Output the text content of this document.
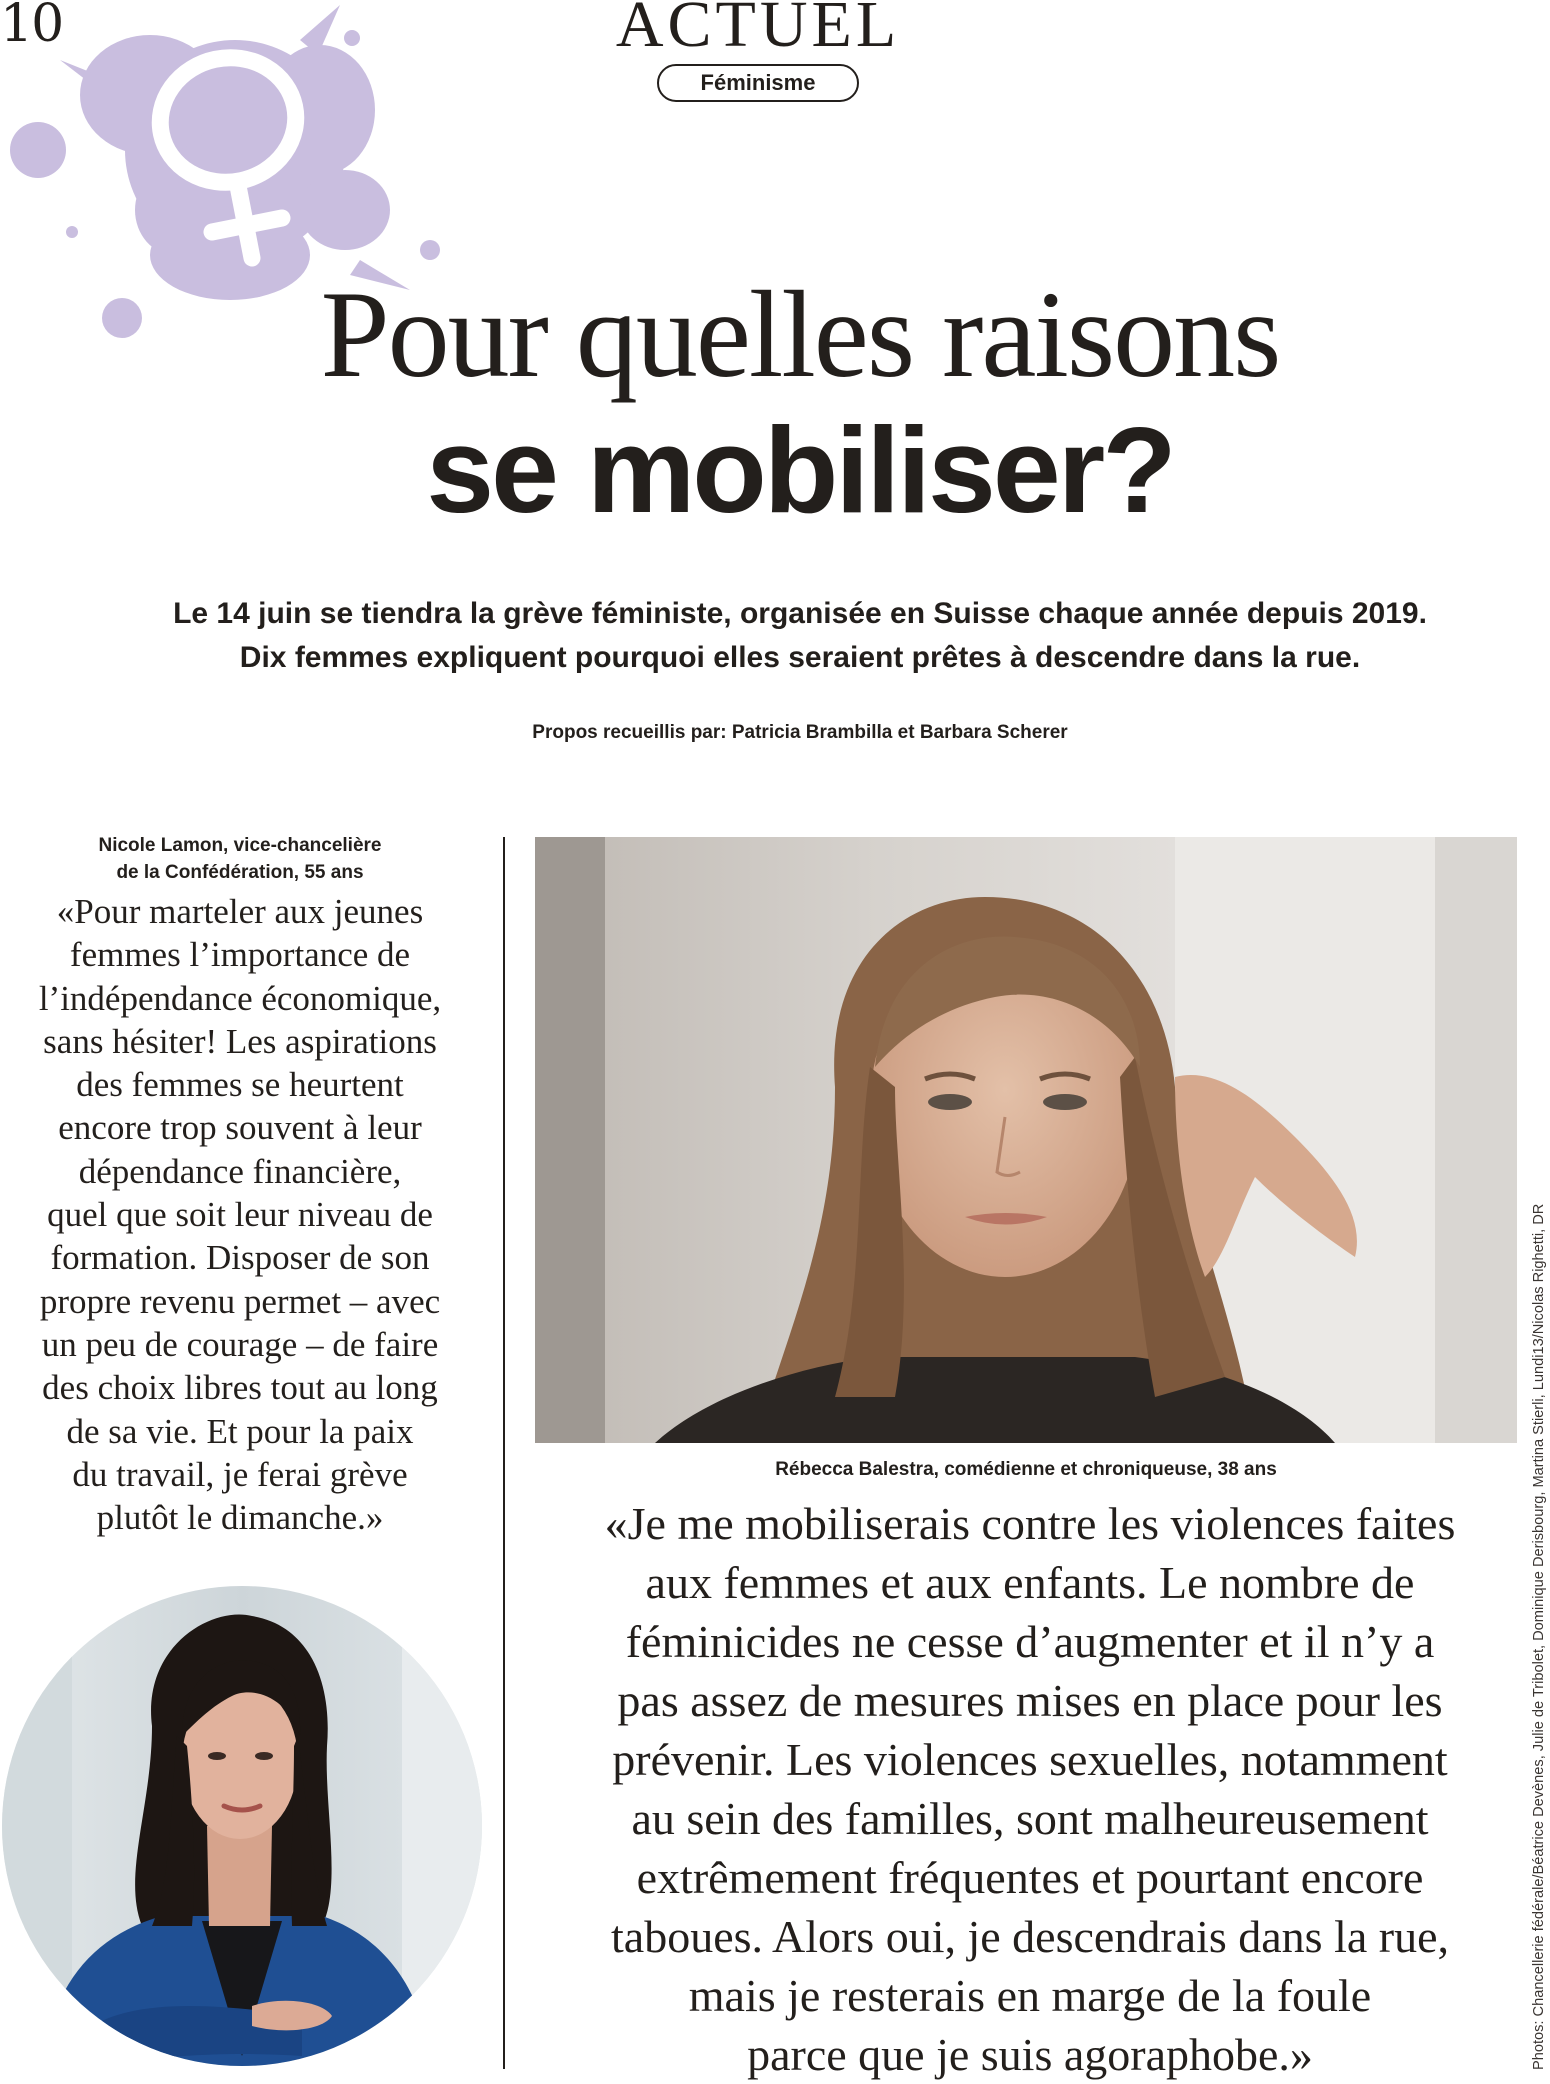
10	ACTUEL
Féminisme
Pour quelles raisons
se mobiliser?
Le 14 juin se tiendra la grève féministe, organisée en Suisse chaque année depuis 2019.
Dix femmes expliquent pourquoi elles seraient prêtes à descendre dans la rue.
Propos recueillis par: Patricia Brambilla et Barbara Scherer
Nicole Lamon, vice-chancelière
de la Confédération, 55 ans
«Pour marteler aux jeunes
femmes l’importance de
l’indépendance économique,
sans hésiter! Les aspirations
des femmes se heurtent
encore trop souvent à leur
dépendance financière,
quel que soit leur niveau de
formation. Disposer de son
propre revenu permet – avec
un peu de courage – de faire
des choix libres tout au long
de sa vie. Et pour la paix
du travail, je ferai grève
plutôt le dimanche.»
Rébecca Balestra, comédienne et chroniqueuse, 38 ans
«Je me mobiliserais contre les violences faites
aux femmes et aux enfants. Le nombre de
féminicides ne cesse d’augmenter et il n’y a
pas assez de mesures mises en place pour les
prévenir. Les violences sexuelles, notamment
au sein des familles, sont malheureusement
extrêmement fréquentes et pourtant encore
taboues. Alors oui, je descendrais dans la rue,
mais je resterais en marge de la foule
parce que je suis agoraphobe.»	Photos: Chancellerie fédérale/Béatrice Devènes, Julie de Tribolet, Dominique Derisbourg, Martina Stierli, Lundi13/Nicolas Righetti, DR
